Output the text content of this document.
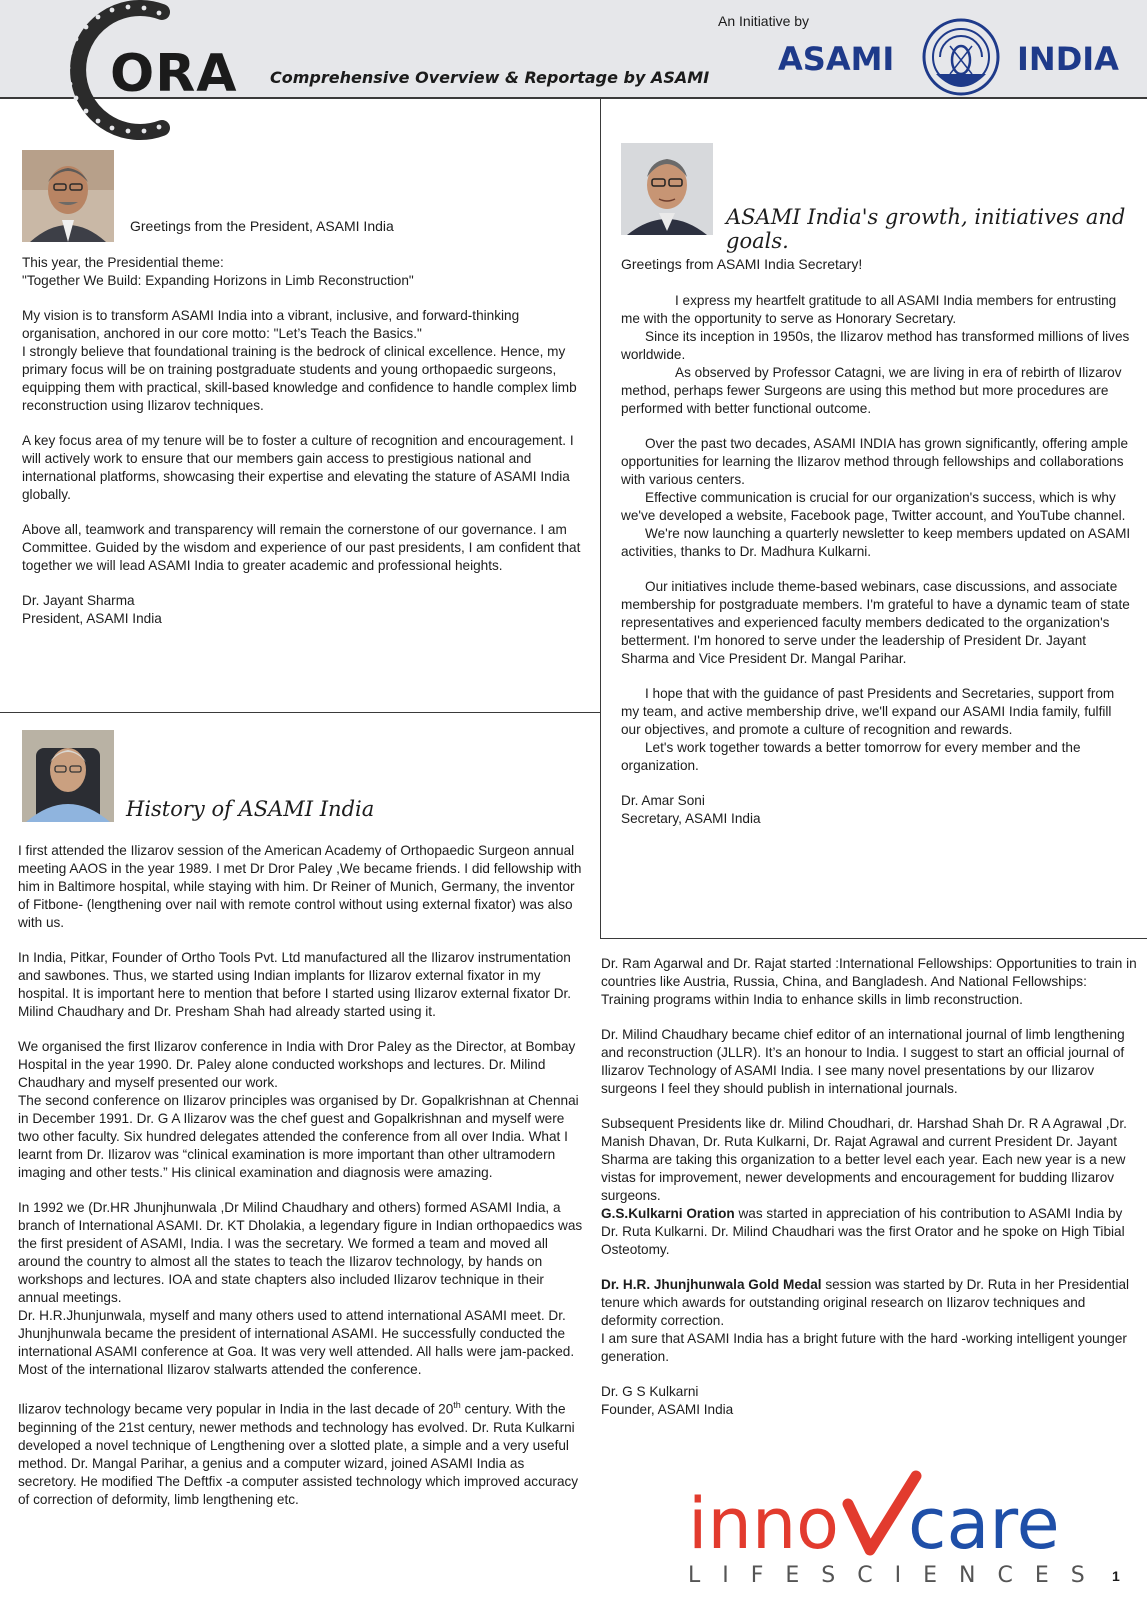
An Initiative by
Comprehensive Overview & Reportage by ASAMI ASAMI	INDIA
ORA
Greetings from the President, ASAMI India

This year, the Presidential theme:

"Together We Build: Expanding Horizons in Limb Reconstruction"

My vision is to transform ASAMI India into a vibrant, inclusive, and forward-thinking organisation, anchored in our core motto: "Let’s Teach the Basics."

I strongly believe that foundational training is the bedrock of clinical excellence. Hence, my primary focus will be on training postgraduate students and young orthopaedic surgeons, equipping them with practical, skill-based knowledge and confidence to handle complex limb reconstruction using Ilizarov techniques.

A key focus area of my tenure will be to foster a culture of recognition and encouragement. I will actively work to ensure that our members gain access to prestigious national and international platforms, showcasing their expertise and elevating the stature of ASAMI India globally.

Above all, teamwork and transparency will remain the cornerstone of our governance. I am Committee. Guided by the wisdom and experience of our past presidents, I am confident that together we will lead ASAMI India to greater academic and professional heights.

Dr. Jayant Sharma

President, ASAMI India

ASAMI India's growth, initiatives and goals.
Greetings from ASAMI India Secretary!

I express my heartfelt gratitude to all ASAMI India members for entrusting me with the opportunity to serve as Honorary Secretary.

Since its inception in 1950s, the Ilizarov method has transformed millions of lives worldwide.

As observed by Professor Catagni, we are living in era of rebirth of Ilizarov method, perhaps fewer Surgeons are using this method but more procedures are performed with better functional outcome.

Over the past two decades, ASAMI INDIA has grown significantly, offering ample opportunities for learning the Ilizarov method through fellowships and collaborations with various centers.

Effective communication is crucial for our organization's success, which is why we've developed a website, Facebook page, Twitter account, and YouTube channel.

We're now launching a quarterly newsletter to keep members updated on ASAMI activities, thanks to Dr. Madhura Kulkarni.

Our initiatives include theme-based webinars, case discussions, and associate membership for postgraduate members. I'm grateful to have a dynamic team of state representatives and experienced faculty members dedicated to the organization's betterment. I'm honored to serve under the leadership of President Dr. Jayant Sharma and Vice President Dr. Mangal Parihar.

I hope that with the guidance of past Presidents and Secretaries, support from my team, and active membership drive, we'll expand our ASAMI India family, fulfill our objectives, and promote a culture of recognition and rewards.

Let's work together towards a better tomorrow for every member and the organization.

Dr. Amar Soni

Secretary, ASAMI India

History of ASAMI India

I first attended the Ilizarov session of the American Academy of Orthopaedic Surgeon annual meeting AAOS in the year 1989. I met Dr Dror Paley ,We became friends. I did fellowship with him in Baltimore hospital, while staying with him. Dr Reiner of Munich, Germany, the inventor of Fitbone- (lengthening over nail with remote control without using external fixator) was also with us.

In India, Pitkar, Founder of Ortho Tools Pvt. Ltd manufactured all the Ilizarov instrumentation and sawbones. Thus, we started using Indian implants for Ilizarov external fixator in my hospital. It is important here to mention that before I started using Ilizarov external fixator Dr. Milind Chaudhary and Dr. Presham Shah had already started using it.

We organised the first Ilizarov conference in India with Dror Paley as the Director, at Bombay Hospital in the year 1990. Dr. Paley alone conducted workshops and lectures. Dr. Milind Chaudhary and myself presented our work.

The second conference on Ilizarov principles was organised by Dr. Gopalkrishnan at Chennai in December 1991. Dr. G A Ilizarov was the chef guest and Gopalkrishnan and myself were two other faculty. Six hundred delegates attended the conference from all over India. What I learnt from Dr. Ilizarov was “clinical examination is more important than other ultramodern imaging and other tests.” His clinical examination and diagnosis were amazing.

In 1992 we (Dr.HR Jhunjhunwala ,Dr Milind Chaudhary and others) formed ASAMI India, a branch of International ASAMI. Dr. KT Dholakia, a legendary figure in Indian orthopaedics was the first president of ASAMI, India. I was the secretary. We formed a team and moved all around the country to almost all the states to teach the Ilizarov technology, by hands on workshops and lectures. IOA and state chapters also included Ilizarov technique in their annual meetings.

Dr. H.R.Jhunjunwala, myself and many others used to attend international ASAMI meet. Dr. Jhunjhunwala became the president of international ASAMI. He successfully conducted the international ASAMI conference at Goa. It was very well attended. All halls were jam-packed. Most of the international Ilizarov stalwarts attended the conference.

Ilizarov technology became very popular in India in the last decade of 20th century. With the beginning of the 21st century, newer methods and technology has evolved. Dr. Ruta Kulkarni developed a novel technique of Lengthening over a slotted plate, a simple and a very useful method. Dr. Mangal Parihar, a genius and a computer wizard, joined ASAMI India as secretory. He modified The Deftfix -a computer assisted technology which improved accuracy of correction of deformity, limb lengthening etc.

Dr. Ram Agarwal and Dr. Rajat started :International Fellowships: Opportunities to train in countries like Austria, Russia, China, and Bangladesh. And National Fellowships: Training programs within India to enhance skills in limb reconstruction.

Dr. Milind Chaudhary became chief editor of an international journal of limb lengthening and reconstruction (JLLR). It’s an honour to India. I suggest to start an official journal of Ilizarov Technology of ASAMI India. I see many novel presentations by our Ilizarov surgeons I feel they should publish in international journals.

Subsequent Presidents like dr. Milind Choudhari, dr. Harshad Shah Dr. R A Agrawal ,Dr. Manish Dhavan, Dr. Ruta Kulkarni, Dr. Rajat Agrawal and current President Dr. Jayant Sharma are taking this organization to a better level each year. Each new year is a new vistas for improvement, newer developments and encouragement for budding Ilizarov surgeons.

G.S.Kulkarni Oration was started in appreciation of his contribution to ASAMI India by Dr. Ruta Kulkarni. Dr. Milind Chaudhari was the first Orator and he spoke on High Tibial Osteotomy.

Dr. H.R. Jhunjhunwala Gold Medal session was started by Dr. Ruta in her Presidential tenure which awards for outstanding original research on Ilizarov techniques and deformity correction.

I am sure that ASAMI India has a bright future with the hard -working intelligent younger generation.

Dr. G S Kulkarni

Founder, ASAMI India

inno care
LIFESCIENCES 1
